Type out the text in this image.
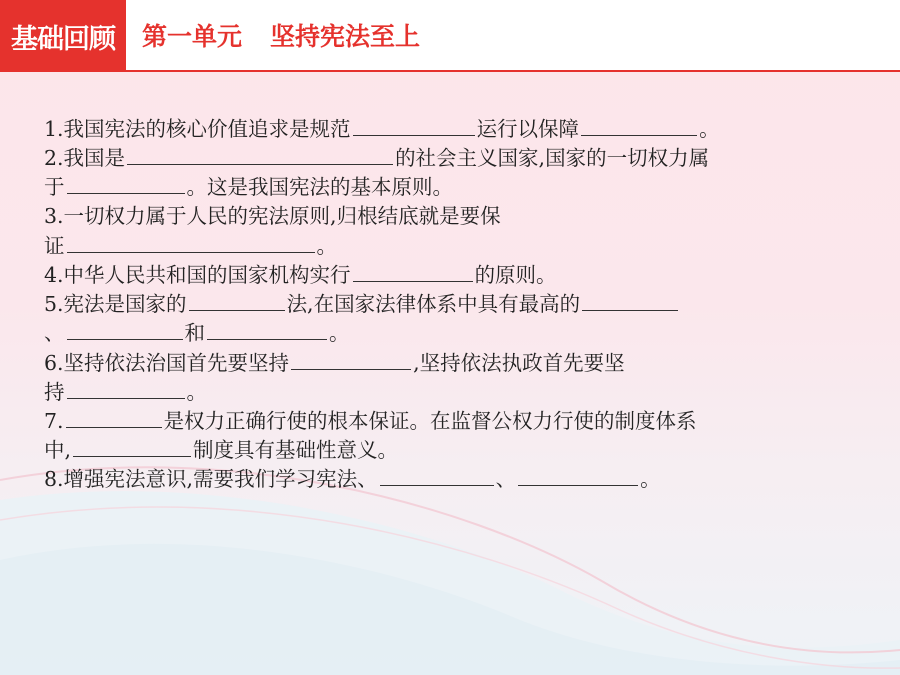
基础回顾	第一单元 坚持宪法至上
1.我国宪法的核心价值追求是规范	运行以保障	。
2.我国是	的社会主义国家,国家的一切权力属
于	。这是我国宪法的基本原则。
3.一切权力属于人民的宪法原则,归根结底就是要保
证	。
4.中华人民共和国的国家机构实行	的原则。
5.宪法是国家的	法,在国家法律体系中具有最高的
、	和	。
6.坚持依法治国首先要坚持	,坚持依法执政首先要坚
持	。
7.	是权力正确行使的根本保证。在监督公权力行使的制度体系
中,	制度具有基础性意义。
8.增强宪法意识,需要我们学习宪法、	、	。
